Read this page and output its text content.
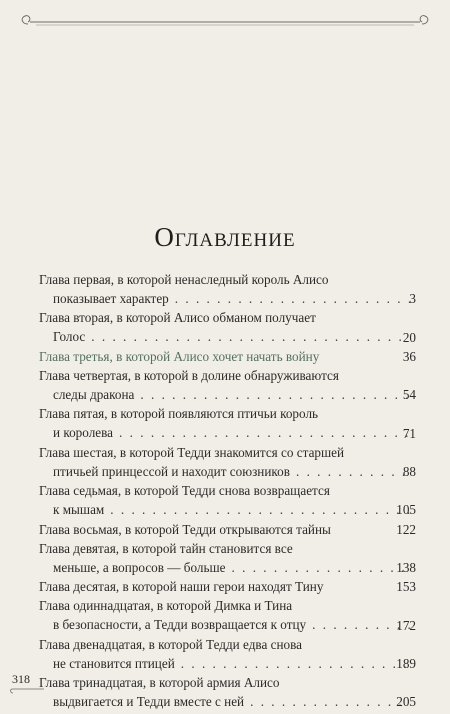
Оглавление
Глава первая, в которой ненаследный король Алисо
показывает характер . . .	3
Глава вторая, в которой Алисо обманом получает
Голос . . .	20
Глава третья, в которой Алисо хочет начать войну	36
Глава четвертая, в которой в долине обнаруживаются
следы дракона . . .	54
Глава пятая, в которой появляются птичьи король
и королева . . .	71
Глава шестая, в которой Тедди знакомится со старшей
птичьей принцессой и находит союзников . . .	88
Глава седьмая, в которой Тедди снова возвращается
к мышам . . .	105
Глава восьмая, в которой Тедди открываются тайны	122
Глава девятая, в которой тайн становится все
меньше, а вопросов — больше . . .	138
Глава десятая, в которой наши герои находят Тину	153
Глава одиннадцатая, в которой Димка и Тина
в безопасности, а Тедди возвращается к отцу . . .	172
Глава двенадцатая, в которой Тедди едва снова
не становится птицей . . .	189
Глава тринадцатая, в которой армия Алисо
выдвигается и Тедди вместе с ней . . .	205
318
